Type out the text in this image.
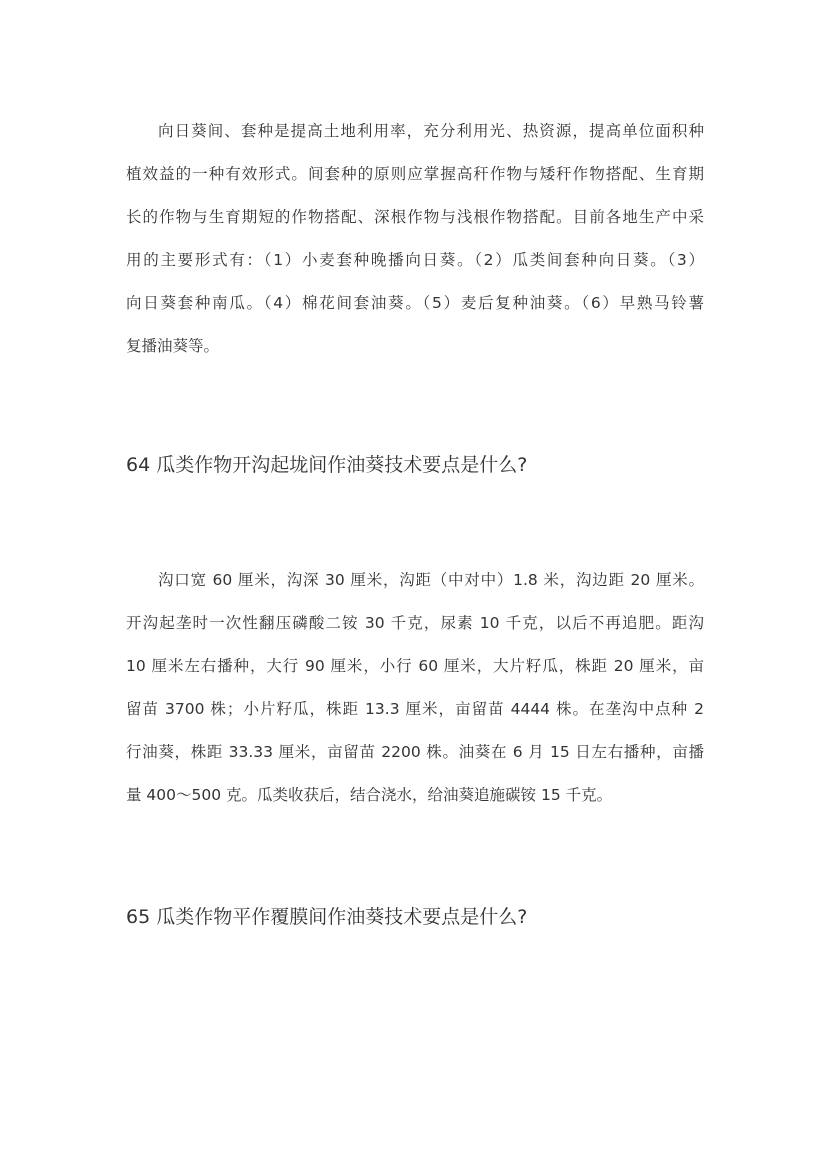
向日葵间、套种是提高土地利用率，充分利用光、热资源，提高单位面积种
植效益的一种有效形式。间套种的原则应掌握高秆作物与矮秆作物搭配、生育期
长的作物与生育期短的作物搭配、深根作物与浅根作物搭配。目前各地生产中采
用的主要形式有：（1）小麦套种晚播向日葵。（2）瓜类间套种向日葵。（3）
向日葵套种南瓜。（4）棉花间套油葵。（5）麦后复种油葵。（6）早熟马铃薯
复播油葵等。
64 瓜类作物开沟起垅间作油葵技术要点是什么?
沟口宽 60 厘米，沟深 30 厘米，沟距（中对中）1.8 米，沟边距 20 厘米。
开沟起垄时一次性翻压磷酸二铵 30 千克，尿素 10 千克，以后不再追肥。距沟
10 厘米左右播种，大行 90 厘米，小行 60 厘米，大片籽瓜，株距 20 厘米，亩
留苗 3700 株；小片籽瓜，株距 13.3 厘米，亩留苗 4444 株。在垄沟中点种 2
行油葵，株距 33.33 厘米，亩留苗 2200 株。油葵在 6 月 15 日左右播种，亩播
量 400～500 克。瓜类收获后，结合浇水，给油葵追施碳铵 15 千克。
65 瓜类作物平作覆膜间作油葵技术要点是什么?
